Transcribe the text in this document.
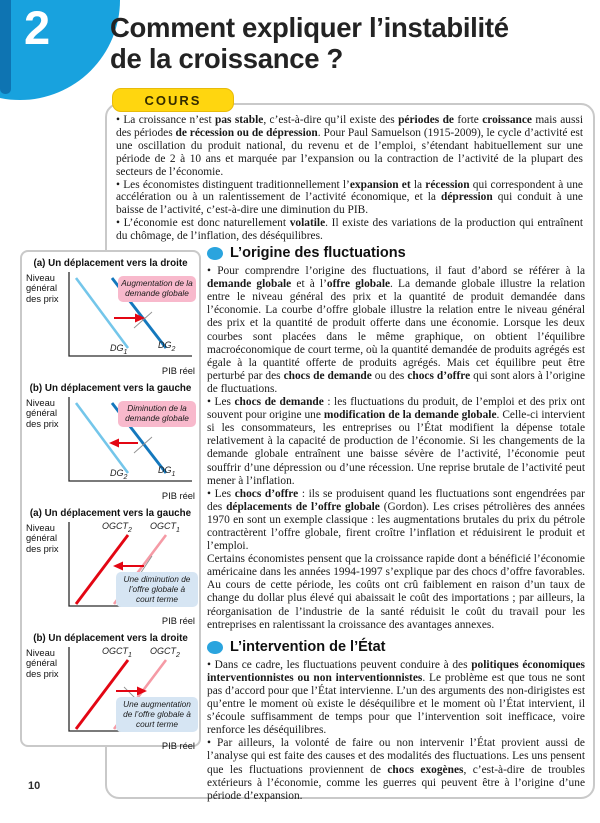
2 Comment expliquer l’instabilité
de la croissance ?
COURS

• La croissance n’est pas stable, c’est-à-dire qu’il existe des périodes de forte croissance mais aussi des périodes de récession ou de dépression. Pour Paul Samuelson (1915-2009), le cycle d’activité est une oscillation du produit national, du revenu et de l’emploi, s’étendant habituellement sur une période de 2 à 10 ans et marquée par l’expansion ou la contraction de l’activité de la plupart des secteurs de l’économie.

• Les économistes distinguent traditionnellement l’expansion et la récession qui correspondent à une accélération ou à un ralentissement de l’activité économique, et la dépression qui conduit à une baisse de l’activité, c’est-à-dire une diminution du PIB.

• L’économie est donc naturellement volatile. Il existe des variations de la production qui entraînent du chômage, de l’inflation, des déséquilibres.

(a) Un déplacement vers la droite
Niveau général des prix
$DG_1$
$DG_2$
Augmentation de la demande globale
PIB réel
(b) Un déplacement vers la gauche
Niveau général des prix
$DG_2$
$DG_1$
Diminution de la demande globale
PIB réel
(a) Un déplacement vers la gauche
Niveau général des prix
$OGCT_2$ $OGCT_1$
Une diminution de l’offre globale à court terme
PIB réel
(b) Un déplacement vers la droite
Niveau général des prix
$OGCT_1$ $OGCT_2$
Une augmentation de l’offre globale à court terme
PIB réel
L’origine des fluctuations

• Pour comprendre l’origine des fluctuations, il faut d’abord se référer à la demande globale et à l’offre globale. La demande globale illustre la relation entre le niveau général des prix et la quantité de produit demandée dans l’économie. La courbe d’offre globale illustre la relation entre le niveau général des prix et la quantité de produit offerte dans une économie. Lorsque les deux courbes sont placées dans le même graphique, on obtient l’équilibre macroéconomique de court terme, où la quantité demandée de produits agrégés est égale à la quantité offerte de produits agrégés. Mais cet équilibre peut être perturbé par des chocs de demande ou des chocs d’offre qui sont alors à l’origine de fluctuations.

• Les chocs de demande : les fluctuations du produit, de l’emploi et des prix ont souvent pour origine une modification de la demande globale. Celle-ci intervient si les consommateurs, les entreprises ou l’État modifient la dépense totale relativement à la capacité de production de l’économie. Si les changements de la demande globale entraînent une baisse sévère de l’activité, l’économie peut souffrir d’une dépression ou d’une récession. Une reprise brutale de l’activité peut mener à l’inflation.

• Les chocs d’offre : ils se produisent quand les fluctuations sont engendrées par des déplacements de l’offre globale (Gordon). Les crises pétrolières des années 1970 en sont un exemple classique : les augmentations brutales du prix du pétrole contractèrent l’offre globale, firent croître l’inflation et réduisirent le produit et l’emploi.

Certains économistes pensent que la croissance rapide dont a bénéficié l’économie américaine dans les années 1994-1997 s’explique par des chocs d’offre favorables. Au cours de cette période, les coûts ont crû faiblement en raison d’un taux de change du dollar plus élevé qui abaissait le coût des importations ; par ailleurs, la réorganisation de l’industrie de la santé réduisit le coût du travail pour les entreprises en ralentissant la croissance des avantages annexes.

L’intervention de l’État

• Dans ce cadre, les fluctuations peuvent conduire à des politiques économiques interventionnistes ou non interventionnistes. Le problème est que tous ne sont pas d’accord pour que l’État intervienne. L’un des arguments des non-dirigistes est qu’entre le moment où existe le déséquilibre et le moment où l’État intervient, il s’écoule suffisamment de temps pour que l’intervention soit inefficace, voire renforce les déséquilibres.

• Par ailleurs, la volonté de faire ou non intervenir l’État provient aussi de l’analyse qui est faite des causes et des modalités des fluctuations. Les uns pensent que les fluctuations proviennent de chocs exogènes, c’est-à-dire de troubles extérieurs à l’économie, comme les guerres qui peuvent être à l’origine d’une période d’expansion.

10
